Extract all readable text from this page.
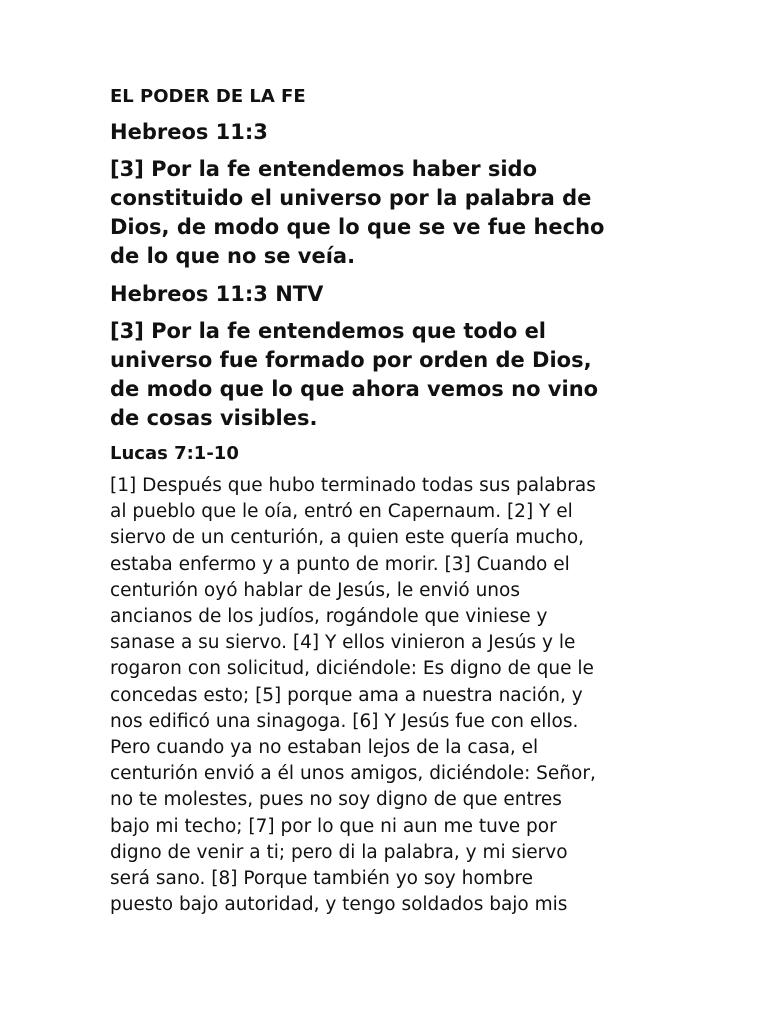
EL PODER DE LA FE
Hebreos 11:3
[3] Por la fe entendemos haber sido
constituido el universo por la palabra de
Dios, de modo que lo que se ve fue hecho
de lo que no se veía.
Hebreos 11:3 NTV
[3] Por la fe entendemos que todo el
universo fue formado por orden de Dios,
de modo que lo que ahora vemos no vino
de cosas visibles.
Lucas 7:1-10

[1] Después que hubo terminado todas sus palabras
al pueblo que le oía, entró en Capernaum. [2] Y el
siervo de un centurión, a quien este quería mucho,
estaba enfermo y a punto de morir. [3] Cuando el
centurión oyó hablar de Jesús, le envió unos
ancianos de los judíos, rogándole que viniese y
sanase a su siervo. [4] Y ellos vinieron a Jesús y le
rogaron con solicitud, diciéndole: Es digno de que le
concedas esto; [5] porque ama a nuestra nación, y
nos edificó una sinagoga. [6] Y Jesús fue con ellos.
Pero cuando ya no estaban lejos de la casa, el
centurión envió a él unos amigos, diciéndole: Señor,
no te molestes, pues no soy digno de que entres
bajo mi techo; [7] por lo que ni aun me tuve por
digno de venir a ti; pero di la palabra, y mi siervo
será sano. [8] Porque también yo soy hombre
puesto bajo autoridad, y tengo soldados bajo mis
